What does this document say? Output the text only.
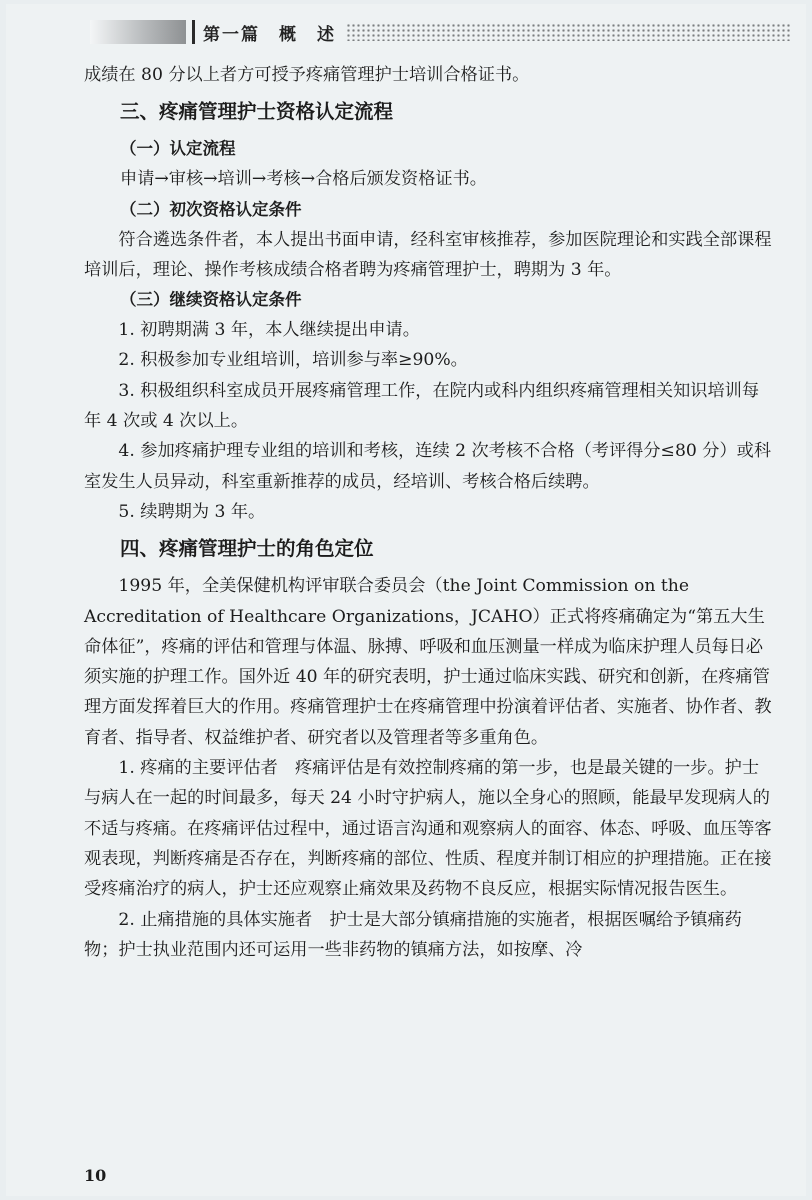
第一篇　概　述

成绩在 80 分以上者方可授予疼痛管理护士培训合格证书。

三、疼痛管理护士资格认定流程
（一）认定流程

申请→审核→培训→考核→合格后颁发资格证书。

（二）初次资格认定条件

符合遴选条件者，本人提出书面申请，经科室审核推荐，参加医院理论和实践全部课程培训后，理论、操作考核成绩合格者聘为疼痛管理护士，聘期为 3 年。

（三）继续资格认定条件

1. 初聘期满 3 年，本人继续提出申请。

2. 积极参加专业组培训，培训参与率≥90%。

3. 积极组织科室成员开展疼痛管理工作，在院内或科内组织疼痛管理相关知识培训每年 4 次或 4 次以上。

4. 参加疼痛护理专业组的培训和考核，连续 2 次考核不合格（考评得分≤80 分）或科室发生人员异动，科室重新推荐的成员，经培训、考核合格后续聘。

5. 续聘期为 3 年。

四、疼痛管理护士的角色定位

1995 年，全美保健机构评审联合委员会（the Joint Commission on the Accreditation of Healthcare Organizations，JCAHO）正式将疼痛确定为“第五大生命体征”，疼痛的评估和管理与体温、脉搏、呼吸和血压测量一样成为临床护理人员每日必须实施的护理工作。国外近 40 年的研究表明，护士通过临床实践、研究和创新，在疼痛管理方面发挥着巨大的作用。疼痛管理护士在疼痛管理中扮演着评估者、实施者、协作者、教育者、指导者、权益维护者、研究者以及管理者等多重角色。

1. 疼痛的主要评估者　疼痛评估是有效控制疼痛的第一步，也是最关键的一步。护士与病人在一起的时间最多，每天 24 小时守护病人，施以全身心的照顾，能最早发现病人的不适与疼痛。在疼痛评估过程中，通过语言沟通和观察病人的面容、体态、呼吸、血压等客观表现，判断疼痛是否存在，判断疼痛的部位、性质、程度并制订相应的护理措施。正在接受疼痛治疗的病人，护士还应观察止痛效果及药物不良反应，根据实际情况报告医生。

2. 止痛措施的具体实施者　护士是大部分镇痛措施的实施者，根据医嘱给予镇痛药物；护士执业范围内还可运用一些非药物的镇痛方法，如按摩、冷

10
